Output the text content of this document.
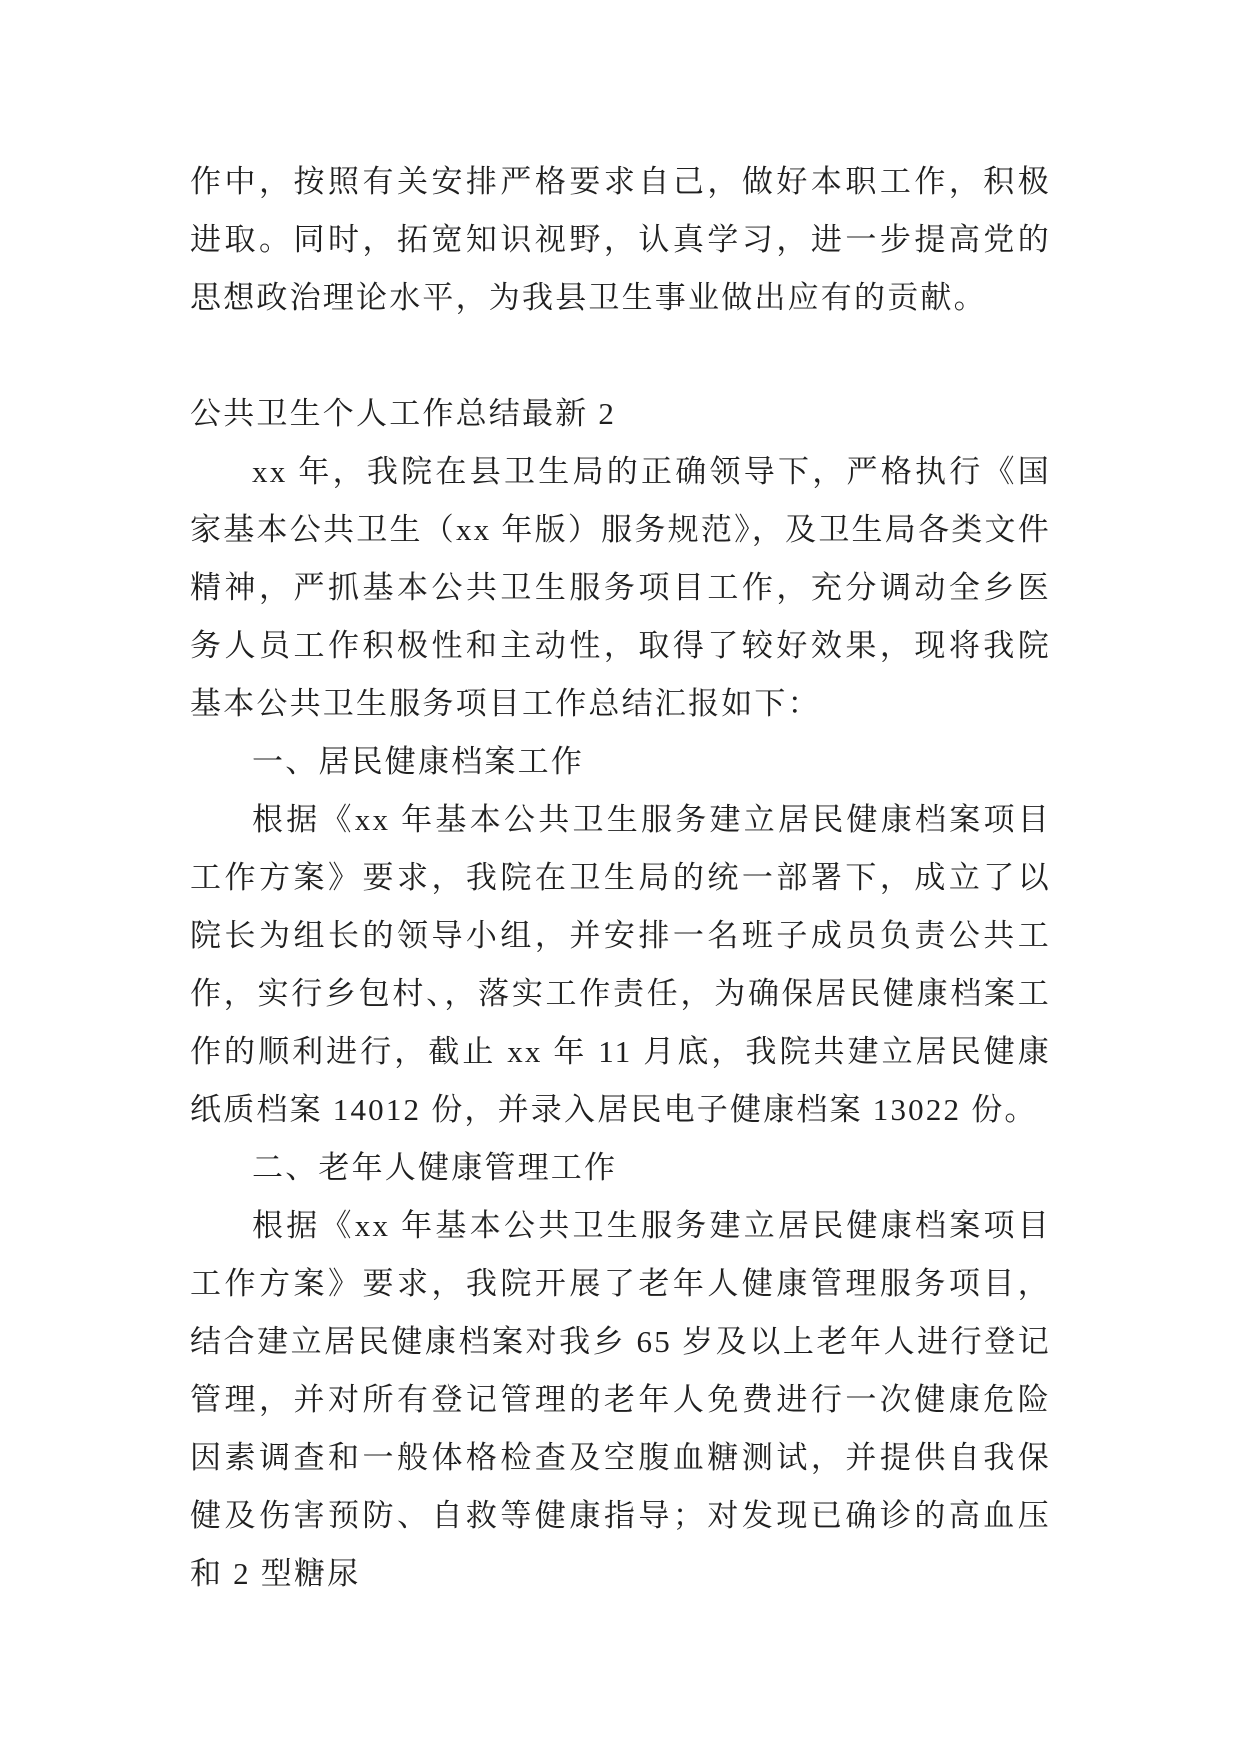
作中，按照有关安排严格要求自己，做好本职工作，积极进取。同时，拓宽知识视野，认真学习，进一步提高党的思想政治理论水平，为我县卫生事业做出应有的贡献。

公共卫生个人工作总结最新 2

xx 年，我院在县卫生局的正确领导下，严格执行《国家基本公共卫生（xx 年版）服务规范》，及卫生局各类文件精神，严抓基本公共卫生服务项目工作，充分调动全乡医务人员工作积极性和主动性，取得了较好效果，现将我院基本公共卫生服务项目工作总结汇报如下：

一、居民健康档案工作

根据《xx 年基本公共卫生服务建立居民健康档案项目工作方案》要求，我院在卫生局的统一部署下，成立了以院长为组长的领导小组，并安排一名班子成员负责公共工作，实行乡包村、，落实工作责任，为确保居民健康档案工作的顺利进行，截止 xx 年 11 月底，我院共建立居民健康纸质档案 14012 份，并录入居民电子健康档案 13022 份。

二、老年人健康管理工作

根据《xx 年基本公共卫生服务建立居民健康档案项目工作方案》要求，我院开展了老年人健康管理服务项目，结合建立居民健康档案对我乡 65 岁及以上老年人进行登记管理，并对所有登记管理的老年人免费进行一次健康危险因素调查和一般体格检查及空腹血糖测试，并提供自我保健及伤害预防、自救等健康指导；对发现已确诊的高血压和 2 型糖尿
